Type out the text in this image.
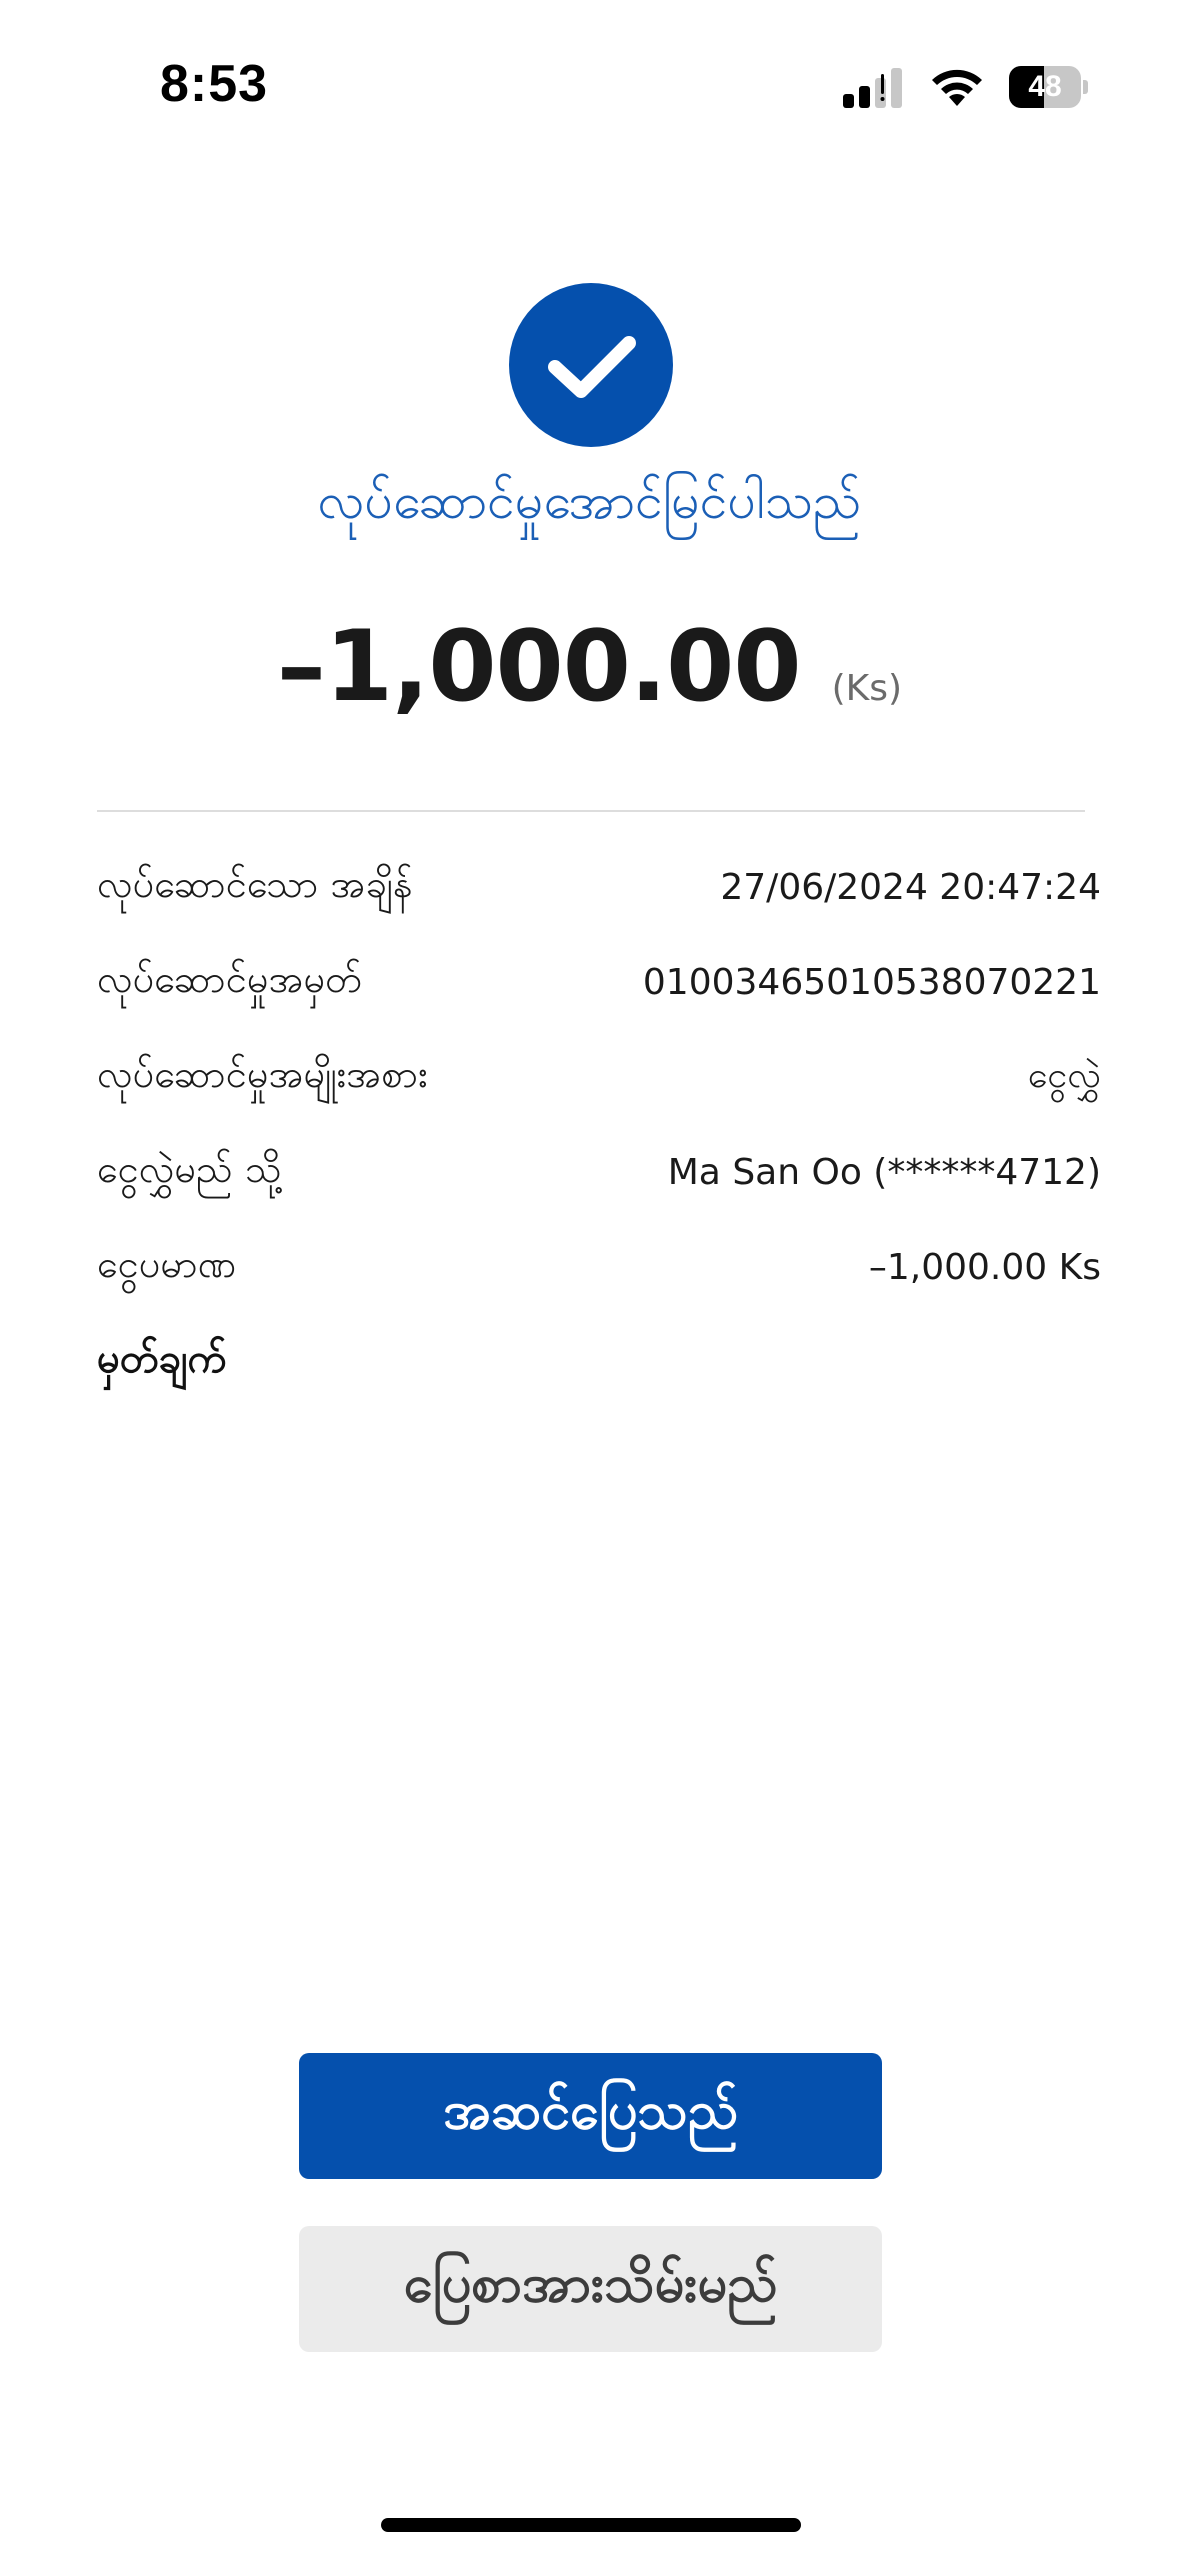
8:53	48
လုပ်ဆောင်မှုအောင်မြင်ပါသည်
–1,000.00 (Ks)
လုပ်ဆောင်သော အချိန်	27/06/2024 20:47:24
လုပ်ဆောင်မှုအမှတ်	01003465010538070221
လုပ်ဆောင်မှုအမျိုးအစား	ငွေလွှဲ
ငွေလွှဲမည် သို့	Ma San Oo (******4712)
ငွေပမာဏ	–1,000.00 Ks
မှတ်ချက်
အဆင်ပြေသည်
ပြေစာအားသိမ်းမည်
